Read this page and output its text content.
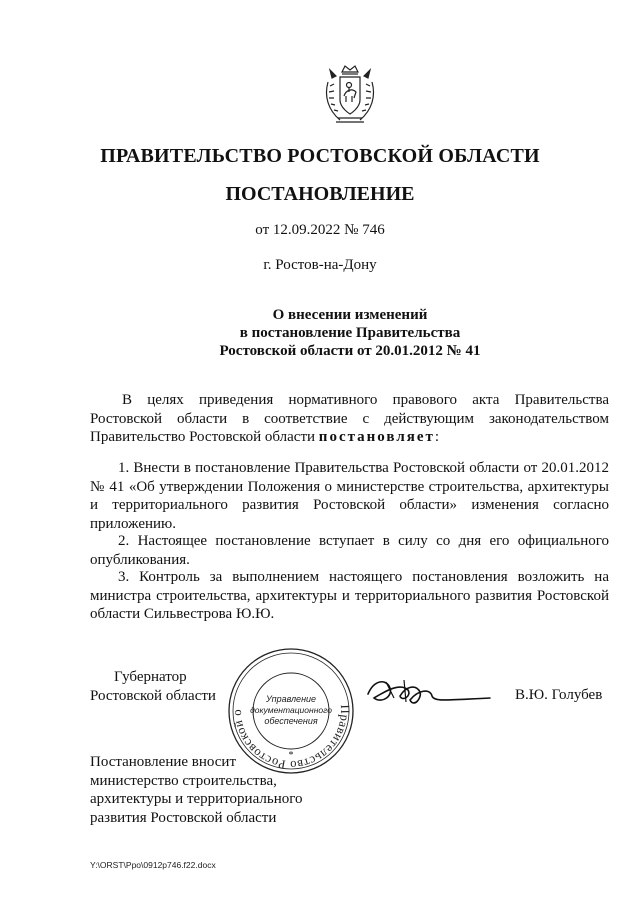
ПРАВИТЕЛЬСТВО РОСТОВСКОЙ ОБЛАСТИ
ПОСТАНОВЛЕНИЕ
от 12.09.2022 № 746
г. Ростов-на-Дону
О внесении изменений
в постановление Правительства
Ростовской области от 20.01.2012 № 41
В целях приведения нормативного правового акта Правительства Ростовской области в соответствие с действующим законодательством Правительство Ростовской области постановляет:
1. Внести в постановление Правительства Ростовской области от 20.01.2012 № 41 «Об утверждении Положения о министерстве строительства, архитектуры и территориального развития Ростовской области» изменения согласно приложению.
2. Настоящее постановление вступает в силу со дня его официального опубликования.
3. Контроль за выполнением настоящего постановления возложить на министра строительства, архитектуры и территориального развития Ростовской области Сильвестрова Ю.Ю.
Губернатор
Ростовской области
Правительство Ростовской о
Управление
документационного
обеспечения
*
В.Ю. Голубев
Постановление вносит
министерство строительства,
архитектуры и территориального
развития Ростовской области
Y:\ORST\Ppo\0912p746.f22.docx
